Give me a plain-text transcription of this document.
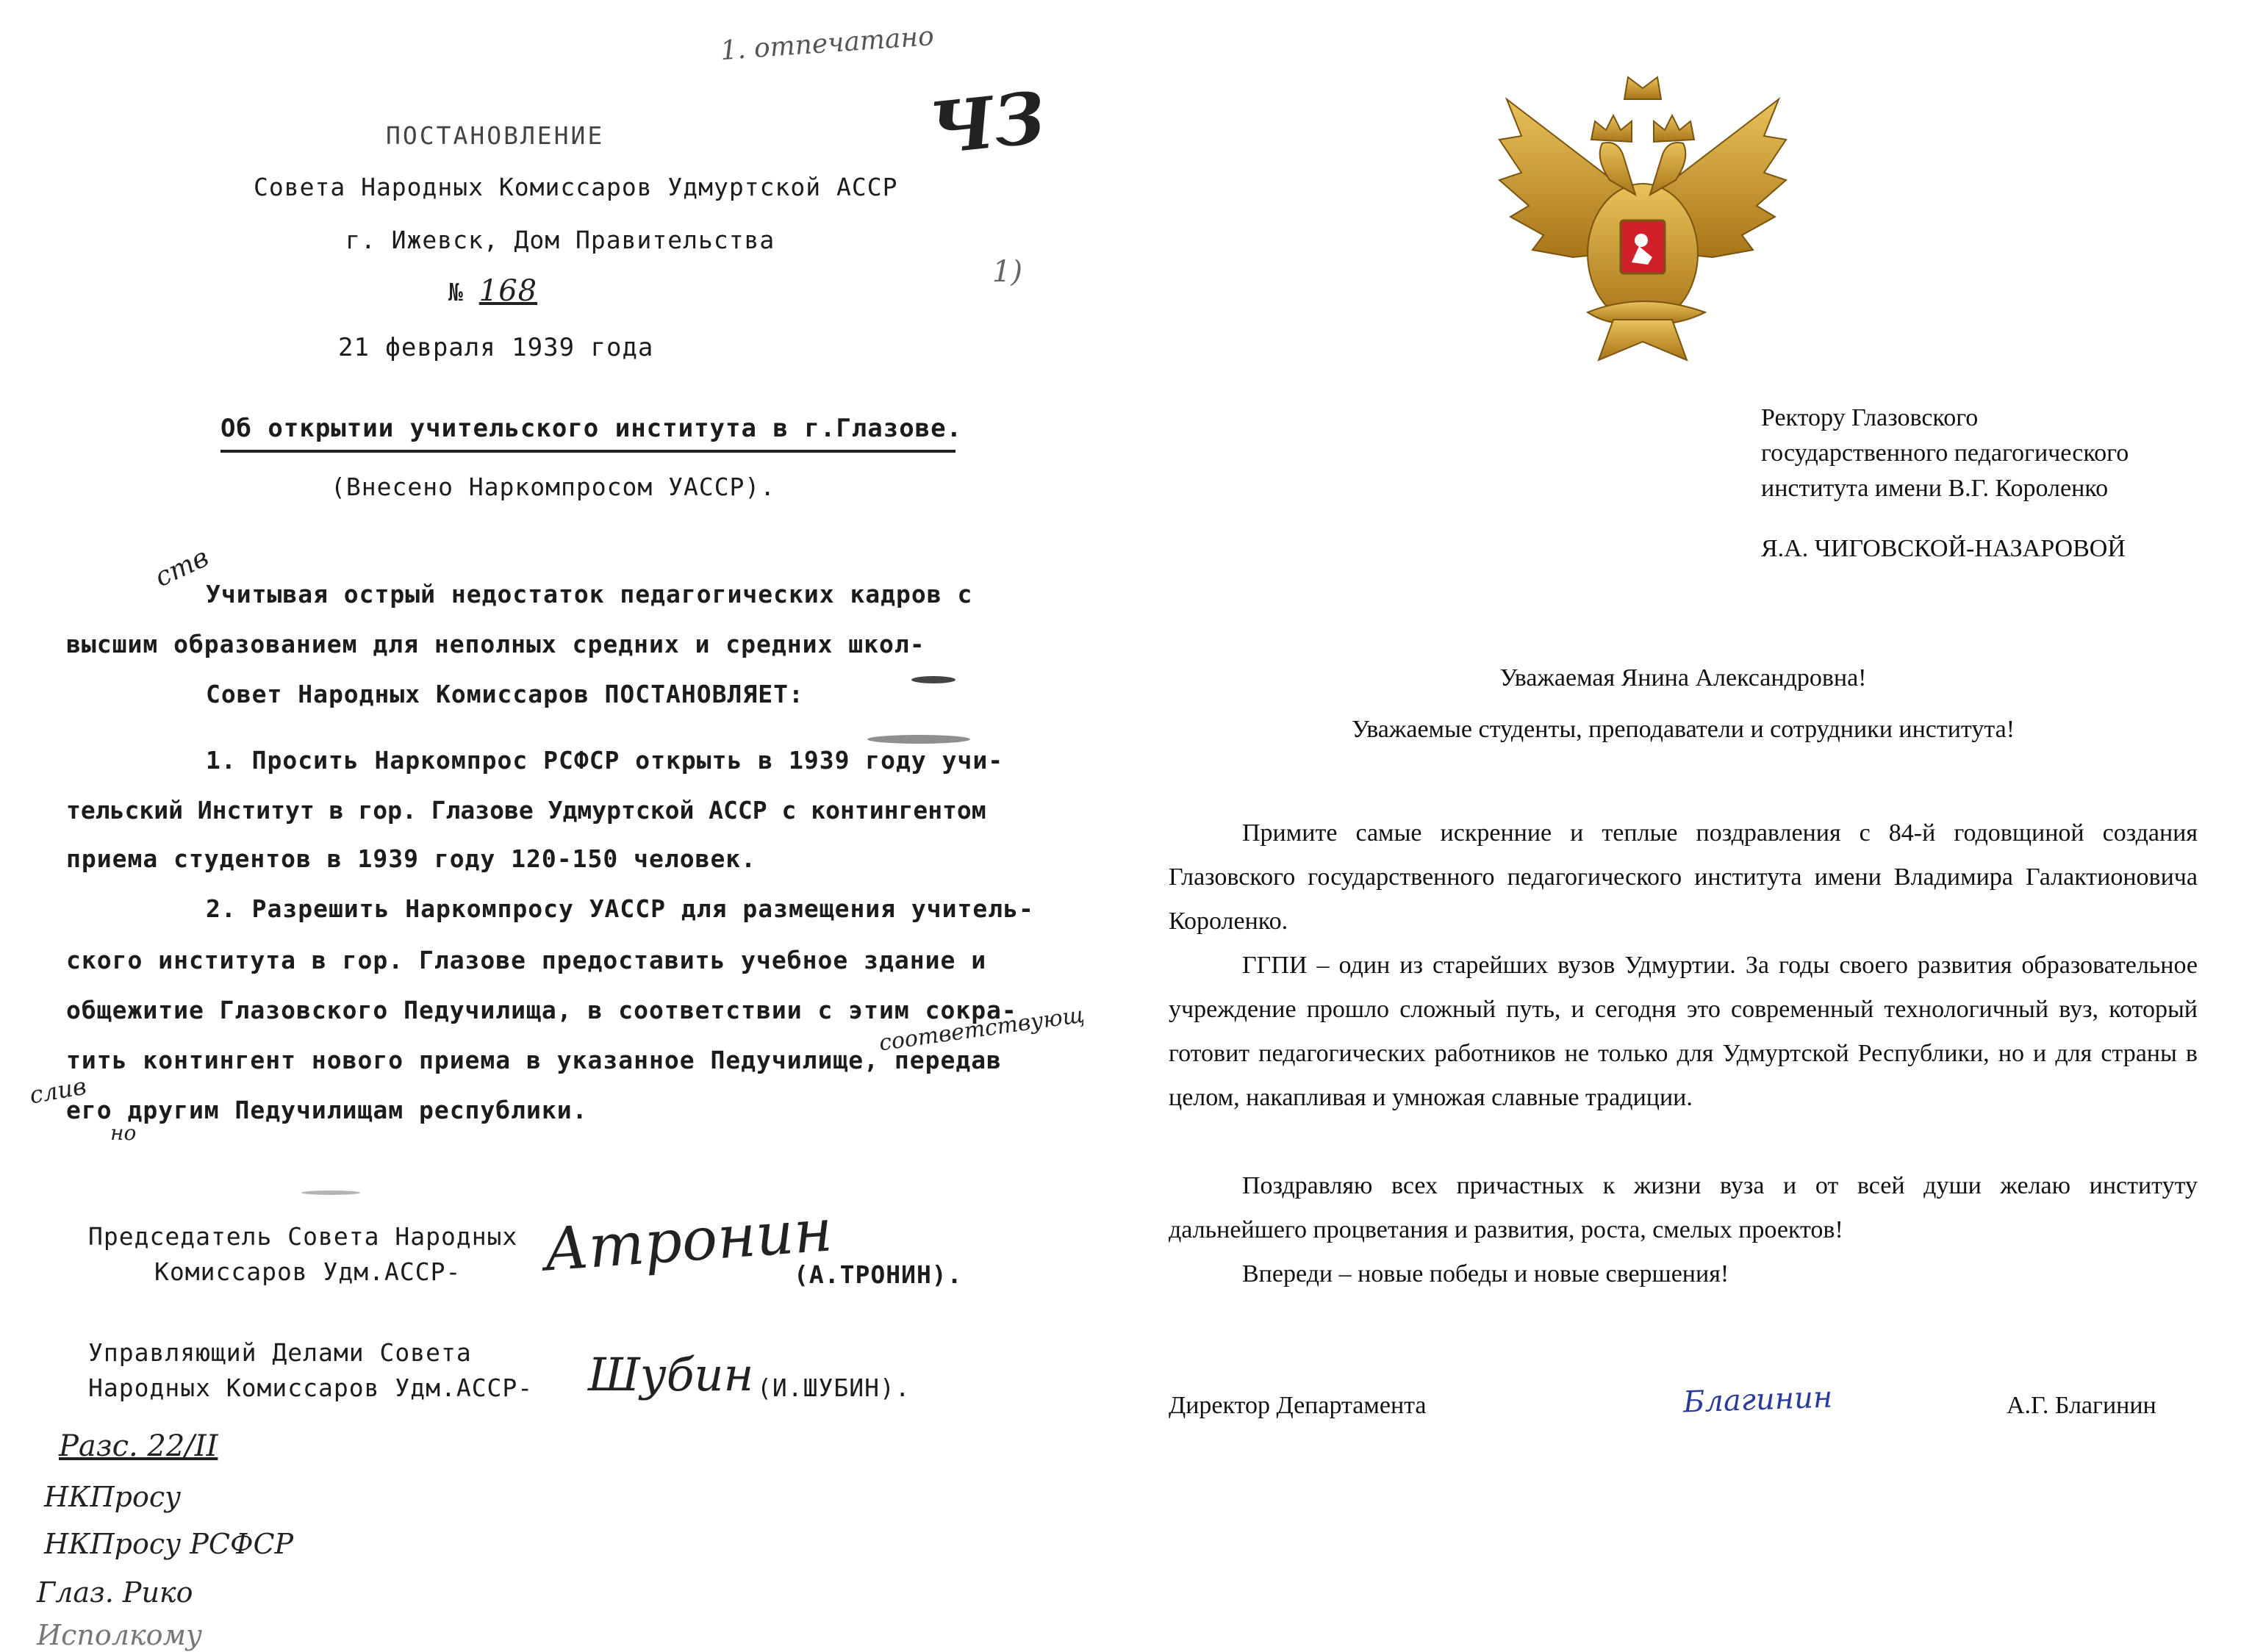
1. отпечатано
ЧЗ
ПОСТАНОВЛЕНИЕ
Совета Народных Комиссаров Удмуртской АССР
г. Ижевск, Дом Правительства
№ 168
1)
21 февраля 1939 года
Об открытии учительского института в г.Глазове.
(Внесено Наркомпросом УАССР).
ств
Учитывая острый недостаток педагогических кадров с
высшим образованием для неполных средних и средних школ-
Совет Народных Комиссаров ПОСТАНОВЛЯЕТ:
1. Просить Наркомпрос РСФСР открыть в 1939 году учи-
тельский Институт в гор. Глазове Удмуртской АССР с контингентом
приема студентов в 1939 году 120-150 человек.
2. Разрешить Наркомпросу УАССР для размещения учитель-
ского института в гор. Глазове предоставить учебное здание и
общежитие Глазовского Педучилища, в соответствии с этим сокра-
тить контингент нового приема в указанное Педучилище, передав
его другим Педучилищам республики.
соответствующ
слив
но
Председатель Совета Народных
Комиссаров Удм.АССР- Атронин
(А.ТРОНИН).
Управляющий Делами Совета
Народных Комиссаров Удм.АССР- Шубин (И.ШУБИН).
Разс. 22/II
НКПросу
НКПросу РСФСР
Глаз. Рико
Исполкому
Ректору Глазовского
государственного педагогического
института имени В.Г. Короленко
Я.А. ЧИГОВСКОЙ-НАЗАРОВОЙ
Уважаемая Янина Александровна!
Уважаемые студенты, преподаватели и сотрудники института!
Примите самые искренние и теплые поздравления с 84-й годовщиной создания Глазовского государственного педагогического института имени Владимира Галактионовича Короленко.
ГГПИ – один из старейших вузов Удмуртии. За годы своего развития образовательное учреждение прошло сложный путь, и сегодня это современный технологичный вуз, который готовит педагогических работников не только для Удмуртской Республики, но и для страны в целом, накапливая и умножая славные традиции.
Поздравляю всех причастных к жизни вуза и от всей души желаю институту дальнейшего процветания и развития, роста, смелых проектов!
Впереди – новые победы и новые свершения!
Директор Департамента	Благинин	А.Г. Благинин
